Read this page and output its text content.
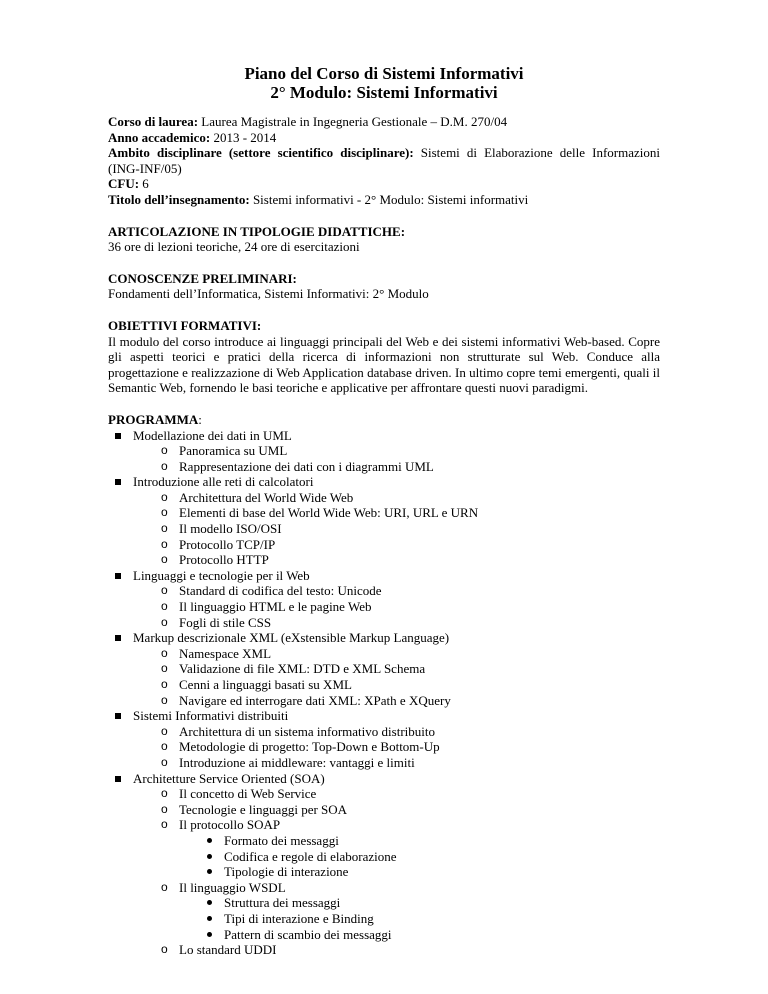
Piano del Corso di Sistemi Informativi
2° Modulo: Sistemi Informativi

Corso di laurea: Laurea Magistrale in Ingegneria Gestionale – D.M. 270/04

Anno accademico: 2013 - 2014

Ambito disciplinare (settore scientifico disciplinare): Sistemi di Elaborazione delle Informazioni (ING-INF/05)

CFU: 6

Titolo dell’insegnamento: Sistemi informativi - 2° Modulo: Sistemi informativi

ARTICOLAZIONE IN TIPOLOGIE DIDATTICHE:

36 ore di lezioni teoriche, 24 ore di esercitazioni

CONOSCENZE PRELIMINARI:

Fondamenti dell’Informatica, Sistemi Informativi: 2° Modulo

OBIETTIVI FORMATIVI:

Il modulo del corso introduce ai linguaggi principali del Web e dei sistemi informativi Web-based. Copre gli aspetti teorici e pratici della ricerca di informazioni non strutturate sul Web. Conduce alla progettazione e realizzazione di Web Application database driven. In ultimo copre temi emergenti, quali il Semantic Web, fornendo le basi teoriche e applicative per affrontare questi nuovi paradigmi.

PROGRAMMA:

Modellazione dei dati in UML
o Panoramica su UML
o Rappresentazione dei dati con i diagrammi UML
Introduzione alle reti di calcolatori
o Architettura del World Wide Web
o Elementi di base del World Wide Web: URI, URL e URN
o Il modello ISO/OSI
o Protocollo TCP/IP
o Protocollo HTTP
Linguaggi e tecnologie per il Web
o Standard di codifica del testo: Unicode
o Il linguaggio HTML e le pagine Web
o Fogli di stile CSS
Markup descrizionale XML (eXstensible Markup Language)
o Namespace XML
o Validazione di file XML: DTD e XML Schema
o Cenni a linguaggi basati su XML
o Navigare ed interrogare dati XML: XPath e XQuery
Sistemi Informativi distribuiti
o Architettura di un sistema informativo distribuito
o Metodologie di progetto: Top-Down e Bottom-Up
o Introduzione ai middleware: vantaggi e limiti
Architetture Service Oriented (SOA)
o Il concetto di Web Service
o Tecnologie e linguaggi per SOA
o Il protocollo SOAP
Formato dei messaggi
Codifica e regole di elaborazione
Tipologie di interazione
o Il linguaggio WSDL
Struttura dei messaggi
Tipi di interazione e Binding
Pattern di scambio dei messaggi
o Lo standard UDDI
